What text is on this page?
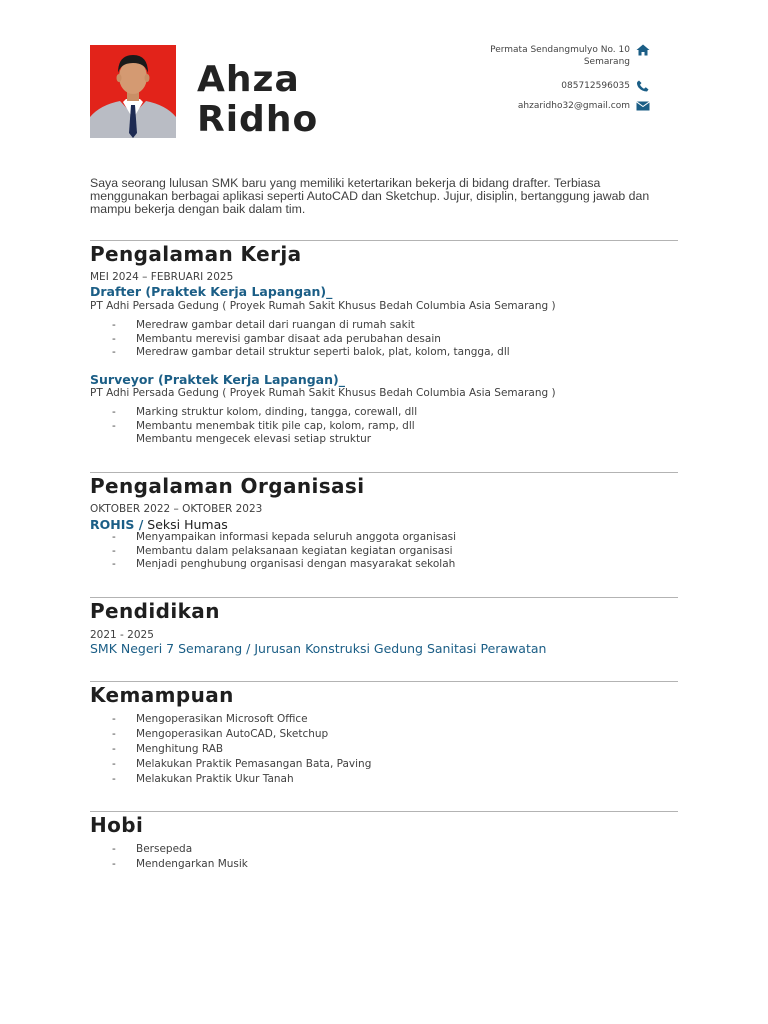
Ahza
Ridho
Permata Sendangmulyo No. 10
Semarang
085712596035
ahzaridho32@gmail.com
Saya seorang lulusan SMK baru yang memiliki ketertarikan bekerja di bidang drafter. Terbiasa menggunakan berbagai aplikasi seperti AutoCAD dan Sketchup. Jujur, disiplin, bertanggung jawab dan mampu bekerja dengan baik dalam tim.
Pengalaman Kerja
MEI 2024 – FEBRUARI 2025
Drafter (Praktek Kerja Lapangan)_
PT Adhi Persada Gedung ( Proyek Rumah Sakit Khusus Bedah Columbia Asia Semarang )
- Meredraw gambar detail dari ruangan di rumah sakit
- Membantu merevisi gambar disaat ada perubahan desain
- Meredraw gambar detail struktur seperti balok, plat, kolom, tangga, dll
Surveyor (Praktek Kerja Lapangan)_
PT Adhi Persada Gedung ( Proyek Rumah Sakit Khusus Bedah Columbia Asia Semarang )
- Marking struktur kolom, dinding, tangga, corewall, dll
- Membantu menembak titik pile cap, kolom, ramp, dll
Membantu mengecek elevasi setiap struktur
Pengalaman Organisasi
OKTOBER 2022 – OKTOBER 2023
ROHIS / Seksi Humas
- Menyampaikan informasi kepada seluruh anggota organisasi
- Membantu dalam pelaksanaan kegiatan kegiatan organisasi
- Menjadi penghubung organisasi dengan masyarakat sekolah
Pendidikan
2021 - 2025
SMK Negeri 7 Semarang / Jurusan Konstruksi Gedung Sanitasi Perawatan
Kemampuan
- Mengoperasikan Microsoft Office
- Mengoperasikan AutoCAD, Sketchup
- Menghitung RAB
- Melakukan Praktik Pemasangan Bata, Paving
- Melakukan Praktik Ukur Tanah
Hobi
- Bersepeda
- Mendengarkan Musik
